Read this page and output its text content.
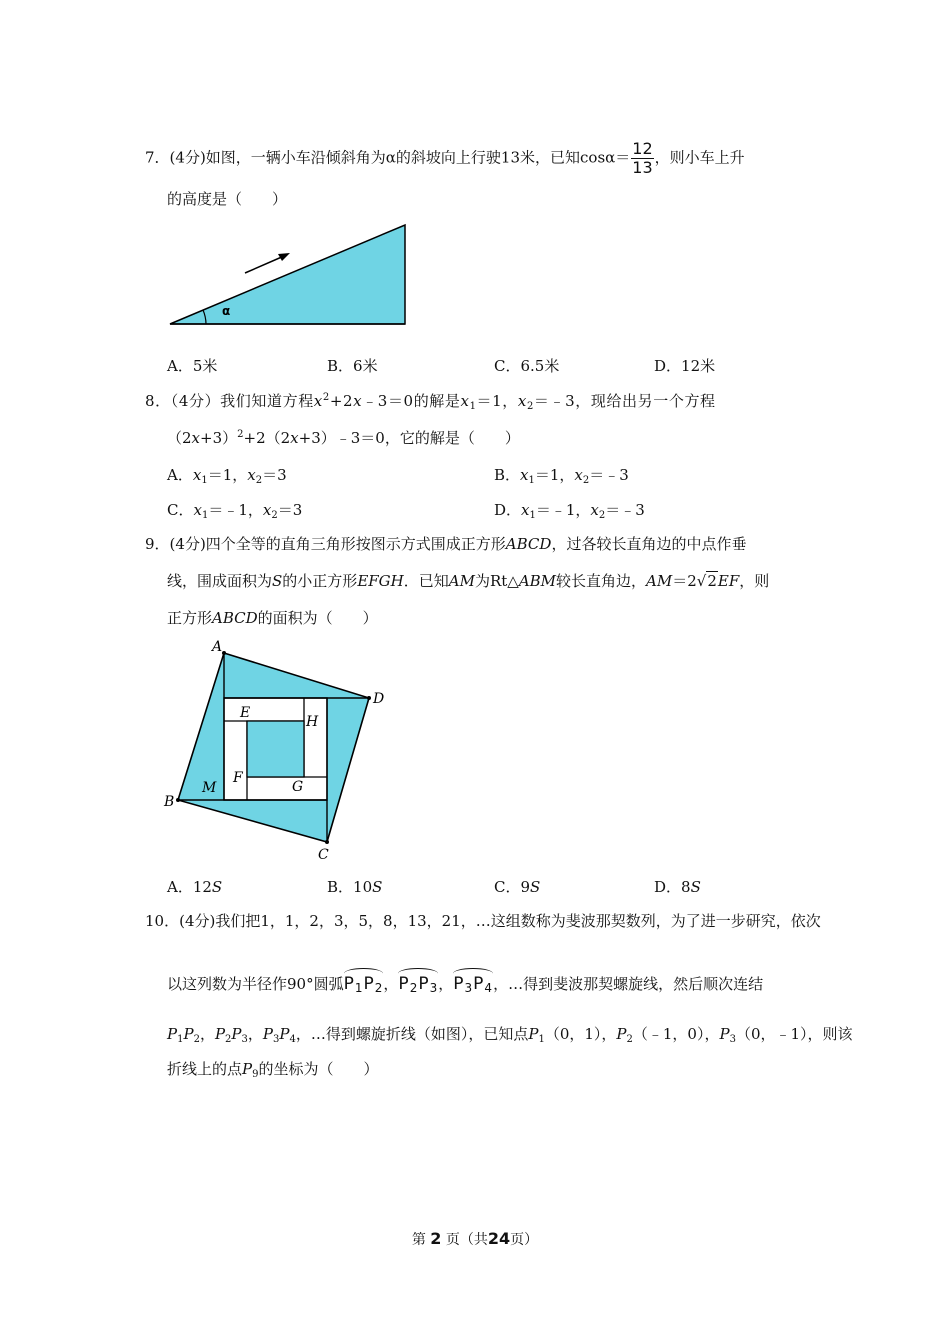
7．(4分)如图，一辆小车沿倾斜角为α的斜坡向上行驶13米，已知$\cos\alpha= \frac{12}{13}$ ，则小车上升
的高度是（　　）
α
A．5米	B．6米	C．6.5米	D．12米
8．（4分）我们知道方程$x^2+2x﹣3=0$的解是$x_1=1$，$x_2=﹣3$，现给出另一个方程
$(2x+3)^2+2(2x+3)﹣3=0$，它的解是（　　）
A．$x_1=1$，$x_2=3$	B．$x_1=1$，$x_2=﹣3$
C．$x_1=﹣1$，$x_2=3$	D．$x_1=﹣1$，$x_2=﹣3$
9．(4分)四个全等的直角三角形按图示方式围成正方形ABCD，过各较长直角边的中点作垂
线，围成面积为S的小正方形EFGH．已知AM为Rt△ABM较长直角边，AM＝2√2EF，则
正方形ABCD的面积为（　　）
A
D
C
B
E
H
F
G
M
A．12S	B．10S	C．9S	D．8S
10．(4分)我们把1，1，2，3，5，8，13，21，…这组数称为斐波那契数列，为了进一步研究，依次
以这列数为半径作90°圆弧$P_1P_2$，$P_2P_3$，$P_3P_4$，…得到斐波那契螺旋线，然后顺次连结
$P_1P_2$，$P_2P_3$，$P_3P_4$，…得到螺旋折线（如图），已知点$P_1(0$，1），$P_2(﹣1$，0），$P_3(0$，﹣1），则该
折线上的点$P_9$的坐标为（　　）
第 2 页（共24页）
